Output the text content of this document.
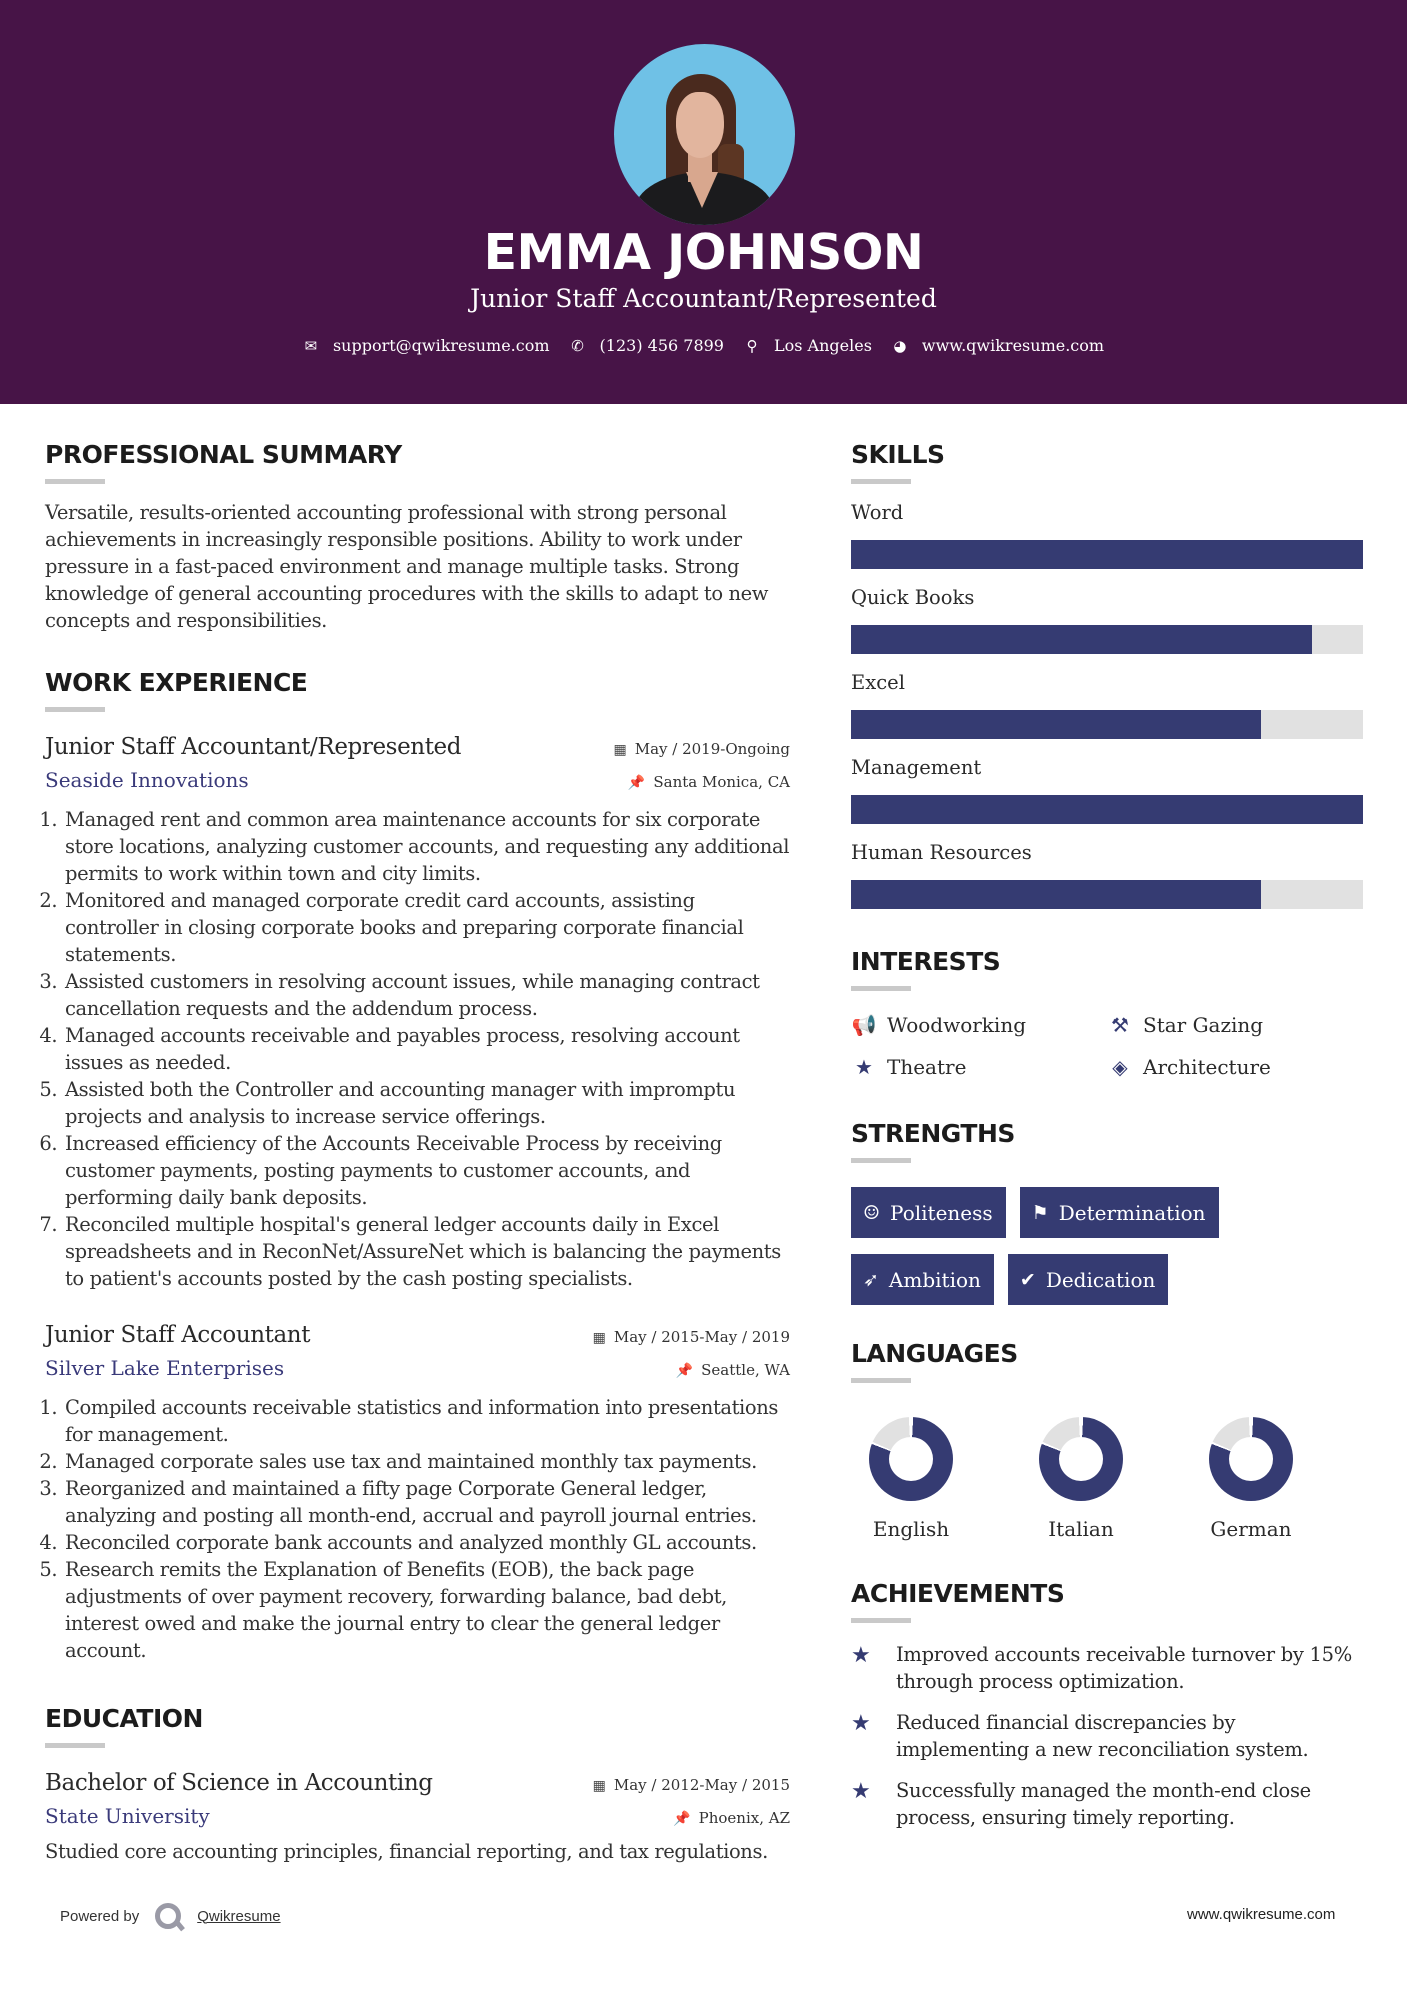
EMMA JOHNSON
Junior Staff Accountant/Represented
✉ support@qwikresume.com ✆ (123) 456 7899 ⚲ Los Angeles ◕ www.qwikresume.com
PROFESSIONAL SUMMARY

Versatile, results-oriented accounting professional with strong personal achievements in increasingly responsible positions. Ability to work under pressure in a fast-paced environment and manage multiple tasks. Strong knowledge of general accounting procedures with the skills to adapt to new concepts and responsibilities.

WORK EXPERIENCE
Junior Staff Accountant/Represented	▦ May / 2019-Ongoing
Seaside Innovations	📌 Santa Monica, CA
1. Managed rent and common area maintenance accounts for six corporate store locations, analyzing customer accounts, and requesting any additional permits to work within town and city limits.
2. Monitored and managed corporate credit card accounts, assisting controller in closing corporate books and preparing corporate financial statements.
3. Assisted customers in resolving account issues, while managing contract cancellation requests and the addendum process.
4. Managed accounts receivable and payables process, resolving account issues as needed.
5. Assisted both the Controller and accounting manager with impromptu projects and analysis to increase service offerings.
6. Increased efficiency of the Accounts Receivable Process by receiving customer payments, posting payments to customer accounts, and performing daily bank deposits.
7. Reconciled multiple hospital's general ledger accounts daily in Excel spreadsheets and in ReconNet/AssureNet which is balancing the payments to patient's accounts posted by the cash posting specialists.
Junior Staff Accountant	▦ May / 2015-May / 2019
Silver Lake Enterprises	📌 Seattle, WA
1. Compiled accounts receivable statistics and information into presentations for management.
2. Managed corporate sales use tax and maintained monthly tax payments.
3. Reorganized and maintained a fifty page Corporate General ledger, analyzing and posting all month-end, accrual and payroll journal entries.
4. Reconciled corporate bank accounts and analyzed monthly GL accounts.
5. Research remits the Explanation of Benefits (EOB), the back page adjustments of over payment recovery, forwarding balance, bad debt, interest owed and make the journal entry to clear the general ledger account.
EDUCATION
Bachelor of Science in Accounting	▦ May / 2012-May / 2015
State University	📌 Phoenix, AZ

Studied core accounting principles, financial reporting, and tax regulations.

SKILLS
Word
Quick Books
Excel
Management
Human Resources
INTERESTS
📢 Woodworking	⚒ Star Gazing
★ Theatre	◈ Architecture
STRENGTHS
☺ Politeness ⚑ Determination
➶ Ambition ✔ Dedication
LANGUAGES
English	Italian	German
ACHIEVEMENTS
★	Improved accounts receivable turnover by 15% through process optimization.
★	Reduced financial discrepancies by implementing a new reconciliation system.
★	Successfully managed the month-end close process, ensuring timely reporting.
Powered by	Qwikresume	www.qwikresume.com
